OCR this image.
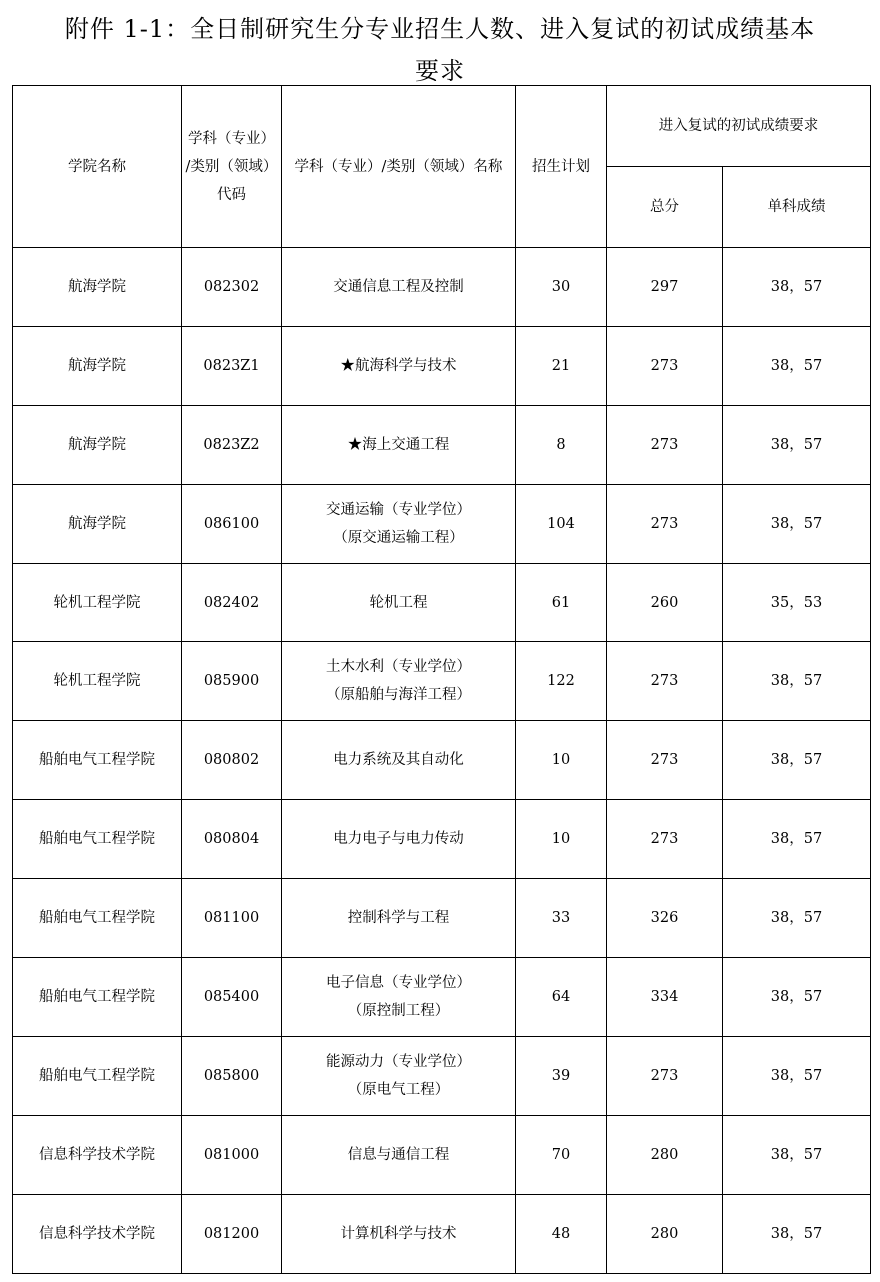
附件 1-1：全日制研究生分专业招生人数、进入复试的初试成绩基本
要求
学院名称	学科（专业）
/类别（领域）
代码	学科（专业）/类别（领域）名称	招生计划	进入复试的初试成绩要求	
				总分	单科成绩
航海学院	082302	交通信息工程及控制	30	297	38，57
航海学院	0823Z1	★航海科学与技术	21	273	38，57
航海学院	0823Z2	★海上交通工程	8	273	38，57
航海学院	086100	交通运输（专业学位）
（原交通运输工程）	104	273	38，57
轮机工程学院	082402	轮机工程	61	260	35，53
轮机工程学院	085900	土木水利（专业学位）
（原船舶与海洋工程）	122	273	38，57
船舶电气工程学院	080802	电力系统及其自动化	10	273	38，57
船舶电气工程学院	080804	电力电子与电力传动	10	273	38，57
船舶电气工程学院	081100	控制科学与工程	33	326	38，57
船舶电气工程学院	085400	电子信息（专业学位）
（原控制工程）	64	334	38，57
船舶电气工程学院	085800	能源动力（专业学位）
（原电气工程）	39	273	38，57
信息科学技术学院	081000	信息与通信工程	70	280	38，57
信息科学技术学院	081200	计算机科学与技术	48	280	38，57
